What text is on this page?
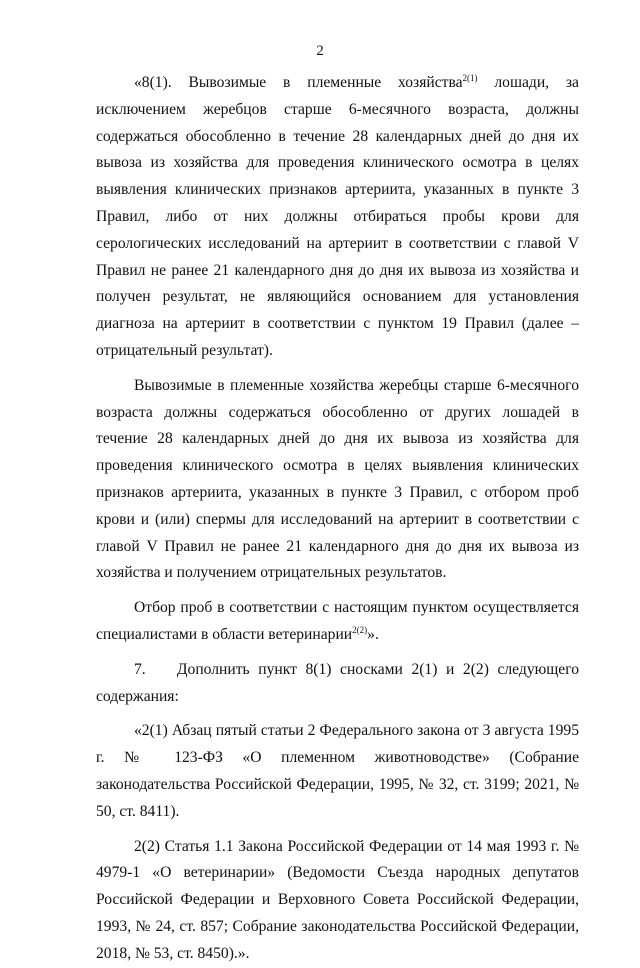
2

«8(1). Вывозимые в племенные хозяйства$^{2(1)}$ лошади, за исключением жеребцов старше 6-месячного возраста, должны содержаться обособленно в течение 28 календарных дней до дня их вывоза из хозяйства для проведения клинического осмотра в целях выявления клинических признаков артериита, указанных в пункте 3 Правил, либо от них должны отбираться пробы крови для серологических исследований на артериит в соответствии с главой V Правил не ранее 21 календарного дня до дня их вывоза из хозяйства и получен результат, не являющийся основанием для установления диагноза на артериит в соответствии с пунктом 19 Правил (далее – отрицательный результат).

Вывозимые в племенные хозяйства жеребцы старше 6-месячного возраста должны содержаться обособленно от других лошадей в течение 28 календарных дней до дня их вывоза из хозяйства для проведения клинического осмотра в целях выявления клинических признаков артериита, указанных в пункте 3 Правил, с отбором проб крови и (или) спермы для исследований на артериит в соответствии с главой V Правил не ранее 21 календарного дня до дня их вывоза из хозяйства и получением отрицательных результатов.

Отбор проб в соответствии с настоящим пунктом осуществляется специалистами в области ветеринарии$^{2(2)}$».

7.  Дополнить пункт 8(1) сносками 2(1) и 2(2) следующего содержания:

«2(1) Абзац пятый статьи 2 Федерального закона от 3 августа 1995 г. № 123-ФЗ «О племенном животноводстве» (Собрание законодательства Российской Федерации, 1995, № 32, ст. 3199; 2021, № 50, ст. 8411).

2(2) Статья 1.1 Закона Российской Федерации от 14 мая 1993 г. № 4979-1 «О ветеринарии» (Ведомости Съезда народных депутатов Российской Федерации и Верховного Совета Российской Федерации, 1993, № 24, ст. 857; Собрание законодательства Российской Федерации, 2018, № 53, ст. 8450).».
